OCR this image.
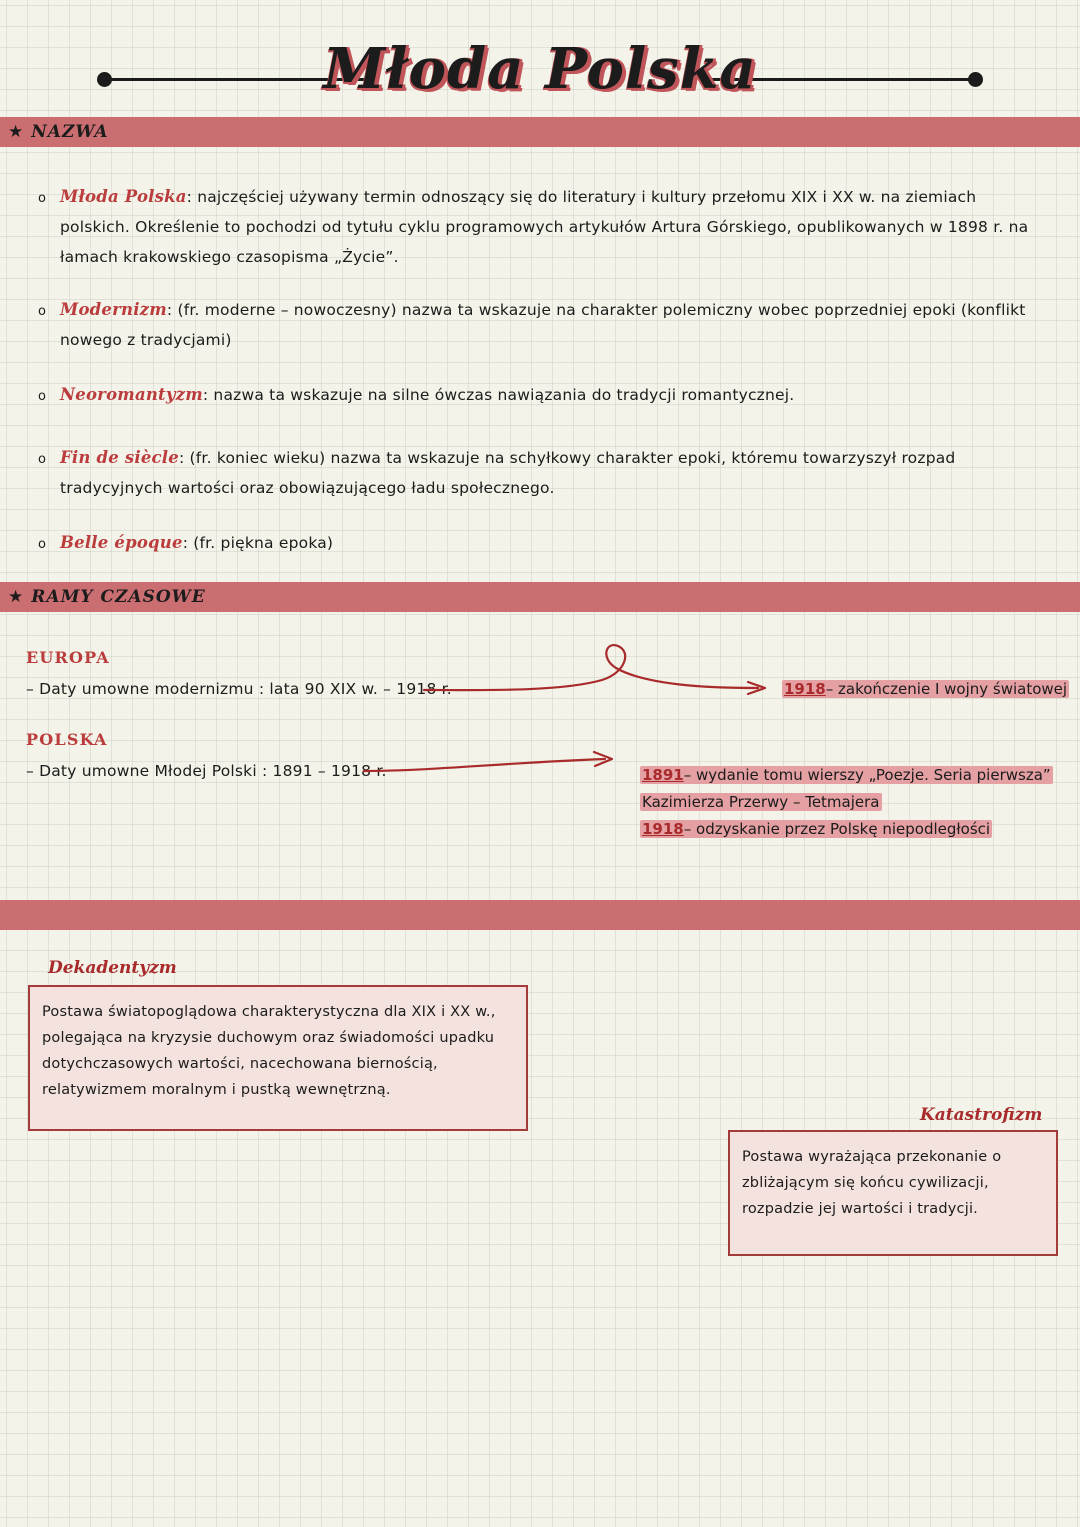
Młoda Polska
★ NAZWA
o Młoda Polska: najczęściej używany termin odnoszący się do literatury i kultury przełomu XIX i XX w. na ziemiach polskich. Określenie to pochodzi od tytułu cyklu programowych artykułów Artura Górskiego, opublikowanych w 1898 r. na łamach krakowskiego czasopisma „Życie”.
o Modernizm: (fr. moderne – nowoczesny) nazwa ta wskazuje na charakter polemiczny wobec poprzedniej epoki (konflikt nowego z tradycjami)
o Neoromantyzm: nazwa ta wskazuje na silne ówczas nawiązania do tradycji romantycznej.
o Fin de siècle: (fr. koniec wieku) nazwa ta wskazuje na schyłkowy charakter epoki, któremu towarzyszył rozpad tradycyjnych wartości oraz obowiązującego ładu społecznego.
o Belle époque: (fr. piękna epoka)
★ RAMY CZASOWE
EUROPA
– Daty umowne modernizmu : lata 90 XIX w. – 1918 r.	1918– zakończenie I wojny światowej
POLSKA
– Daty umowne Młodej Polski : 1891 – 1918 r.	1891– wydanie tomu wierszy „Poezje. Seria pierwsza”
Kazimierza Przerwy – Tetmajera
1918– odzyskanie przez Polskę niepodległości
Dekadentyzm
Postawa światopoglądowa charakterystyczna dla XIX i XX w., polegająca na kryzysie duchowym oraz świadomości upadku dotychczasowych wartości, nacechowana biernością, relatywizmem moralnym i pustką wewnętrzną.
Katastrofizm
Postawa wyrażająca przekonanie o zbliżającym się końcu cywilizacji, rozpadzie jej wartości i tradycji.
